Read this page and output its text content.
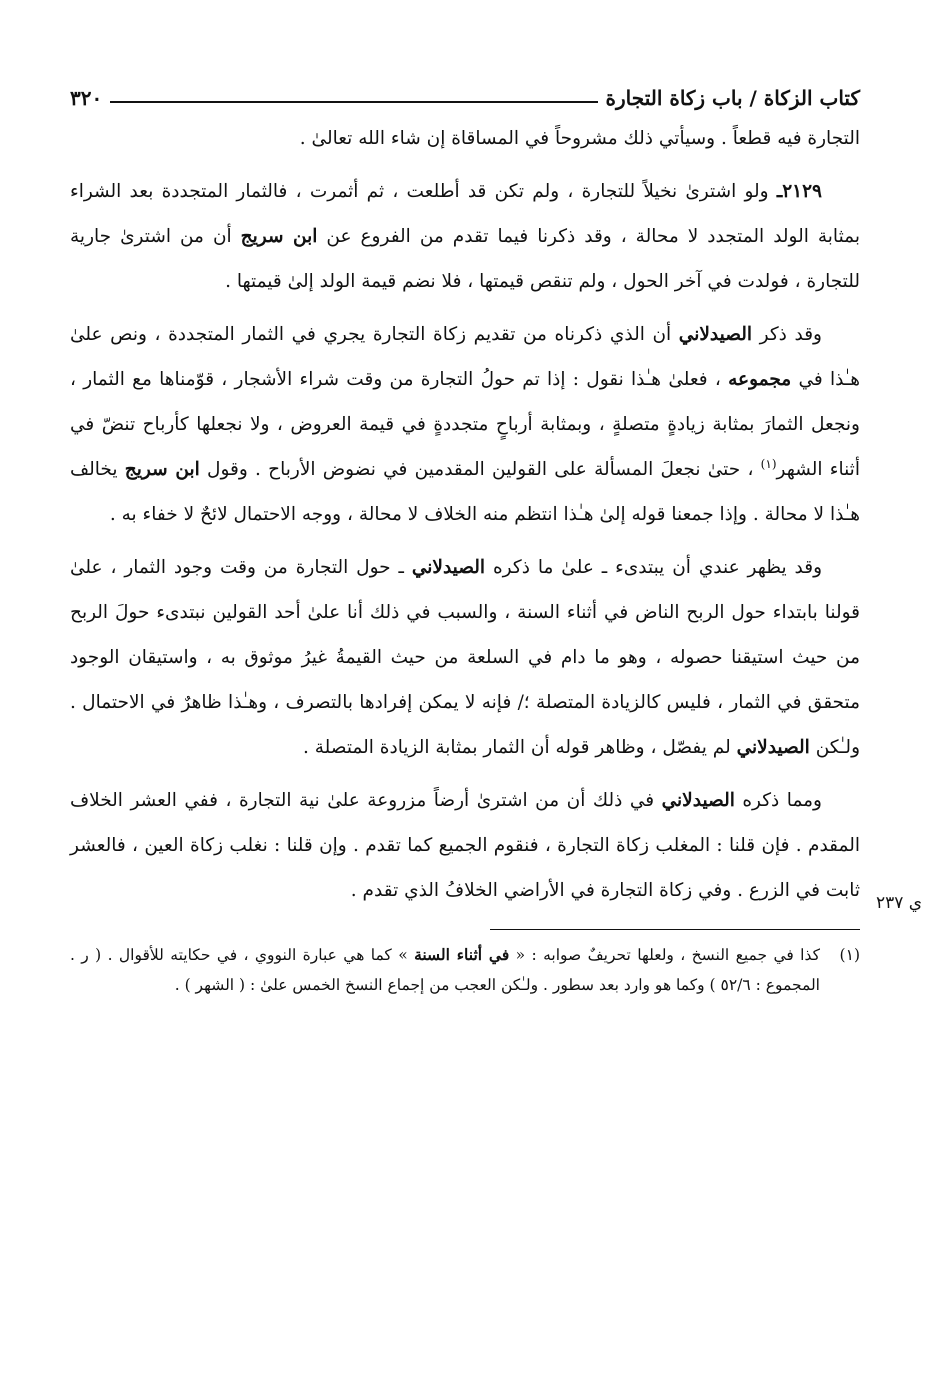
كتاب الزكاة / باب زكاة التجارة
٣٢٠

التجارة فيه قطعاً . وسيأتي ذلك مشروحاً في المساقاة إن شاء الله تعالىٰ .

٢١٢٩ـ ولو اشترىٰ نخيلاً للتجارة ، ولم تكن قد أطلعت ، ثم أثمرت ، فالثمار المتجددة بعد الشراء بمثابة الولد المتجدد لا محالة ، وقد ذكرنا فيما تقدم من الفروع عن ابن سريج أن من اشترىٰ جارية للتجارة ، فولدت في آخر الحول ، ولم تنقص قيمتها ، فلا نضم قيمة الولد إلىٰ قيمتها .

وقد ذكر الصيدلاني أن الذي ذكرناه من تقديم زكاة التجارة يجري في الثمار المتجددة ، ونص علىٰ هـٰذا في مجموعه ، فعلىٰ هـٰذا نقول : إذا تم حولُ التجارة من وقت شراء الأشجار ، قوّمناها مع الثمار ، ونجعل الثمارَ بمثابة زيادةٍ متصلةٍ ، وبمثابة أرباحٍ متجددةٍ في قيمة العروض ، ولا نجعلها كأرباح تنضّ في أثناء الشهر$^{(١)}$ ، حتىٰ نجعلَ المسألة على القولين المقدمين في نضوض الأرباح . وقول ابن سريج يخالف هـٰذا لا محالة . وإذا جمعنا قوله إلىٰ هـٰذا انتظم منه الخلاف لا محالة ، ووجه الاحتمال لائحٌ لا خفاء به .

وقد يظهر عندي أن يبتدىء ـ علىٰ ما ذكره الصيدلاني ـ حول التجارة من وقت وجود الثمار ، علىٰ قولنا بابتداء حول الربح الناض في أثناء السنة ، والسبب في ذلك أنا علىٰ أحد القولين نبتدىء حولَ الربح من حيث استيقنا حصوله ، وهو ما دام في السلعة من حيث القيمةُ غيرُ موثوق به ، واستيقان الوجود متحقق في الثمار ، فليس كالزيادة المتصلة ؛/ فإنه لا يمكن إفرادها بالتصرف ، وهـٰذا ظاهرٌ في الاحتمال . ولـٰكن الصيدلاني لم يفصّل ، وظاهر قوله أن الثمار بمثابة الزيادة المتصلة .

ومما ذكره الصيدلاني في ذلك أن من اشترىٰ أرضاً مزروعة علىٰ نية التجارة ، ففي العشر الخلاف المقدم . فإن قلنا : المغلب زكاة التجارة ، فنقوم الجميع كما تقدم . وإن قلنا : نغلب زكاة العين ، فالعشر ثابت في الزرع . وفي زكاة التجارة في الأراضي الخلافُ الذي تقدم .

(١)
كذا في جميع النسخ ، ولعلها تحريفٌ صوابه : « في أثناء السنة » كما هي عبارة النووي ، في حكايته للأقوال . ( ر . المجموع : ٥٢/٦ ) وكما هو وارد بعد سطور . ولـٰكن العجب من إجماع النسخ الخمس علىٰ : ( الشهر ) .
ي ٢٣٧
